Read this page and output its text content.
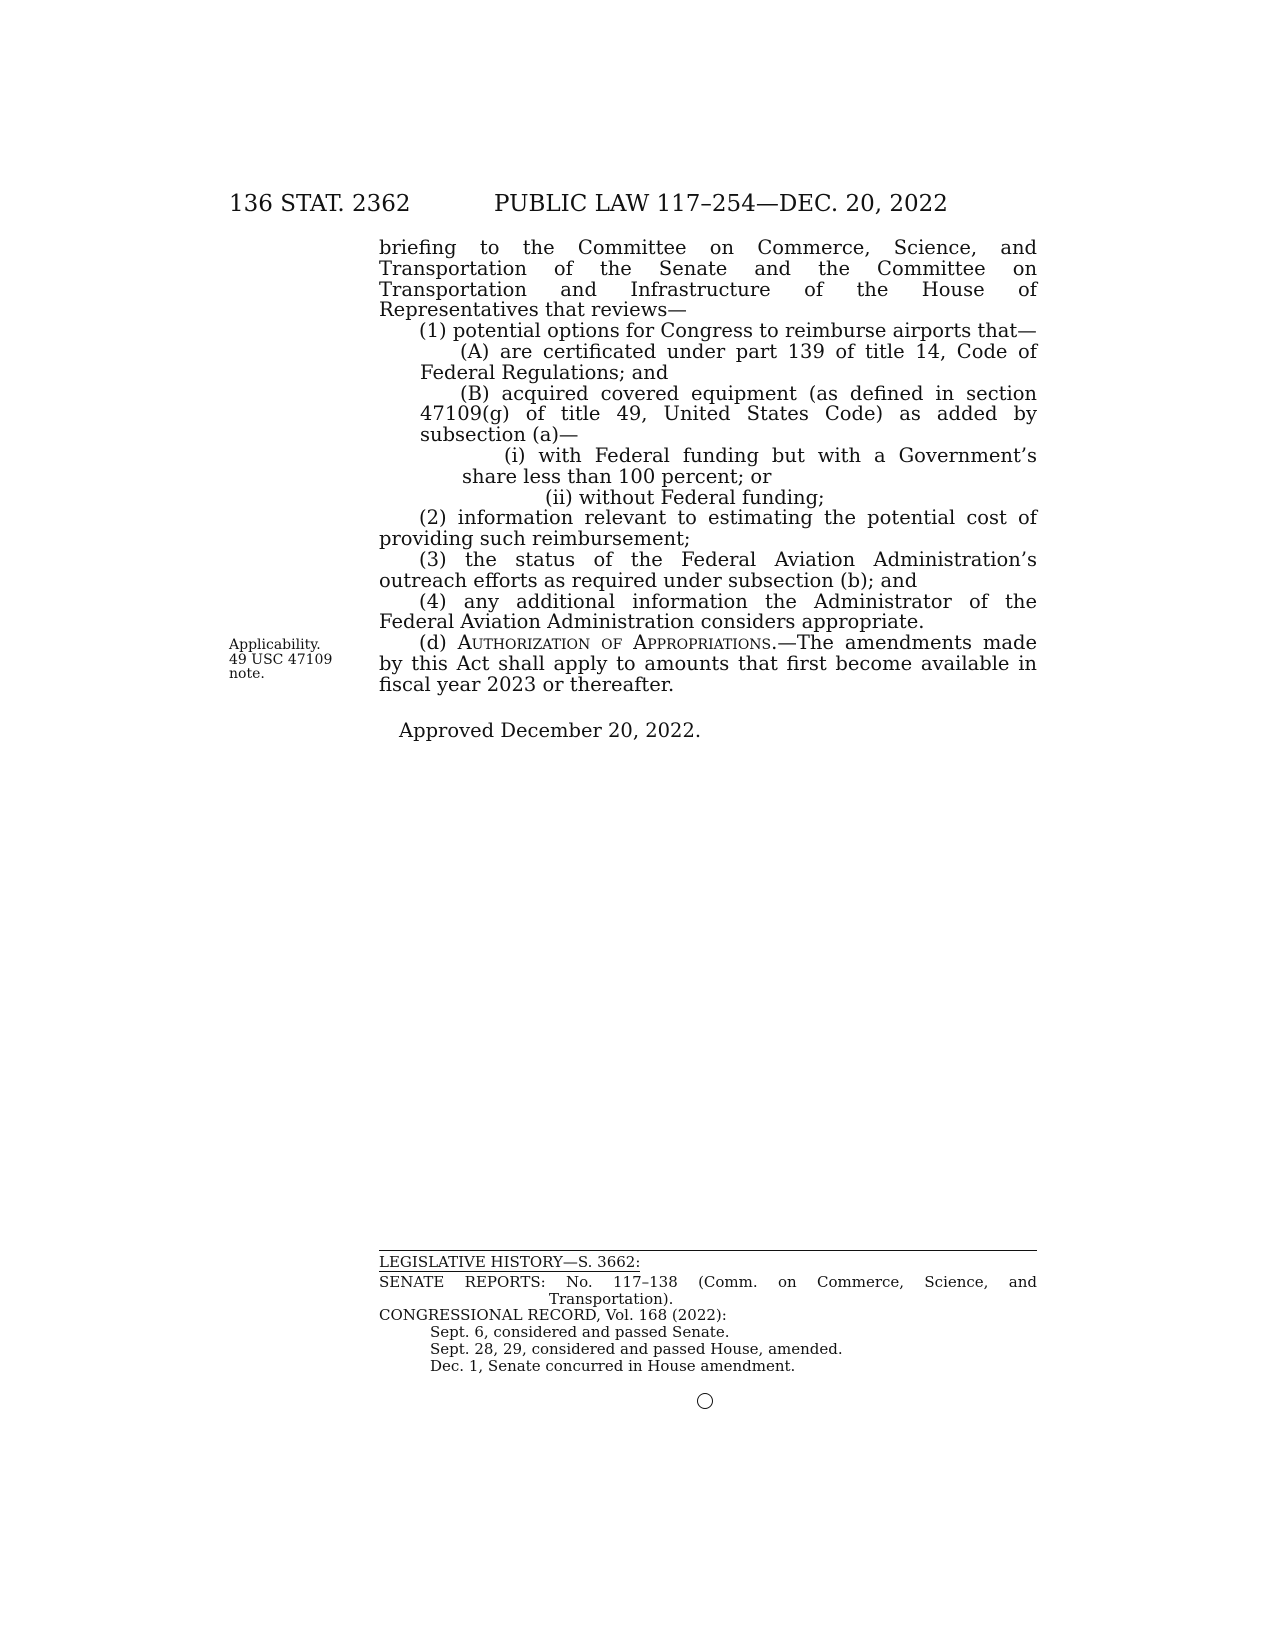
136 STAT. 2362	PUBLIC LAW 117–254—DEC. 20, 2022

briefing to the Committee on Commerce, Science, and Transportation of the Senate and the Committee on Transportation and Infrastructure of the House of Representatives that reviews—

(1) potential options for Congress to reimburse airports that—

(A) are certificated under part 139 of title 14, Code of Federal Regulations; and

(B) acquired covered equipment (as defined in section 47109(g) of title 49, United States Code) as added by subsection (a)—

(i) with Federal funding but with a Government’s share less than 100 percent; or

(ii) without Federal funding;

(2) information relevant to estimating the potential cost of providing such reimbursement;

(3) the status of the Federal Aviation Administration’s outreach efforts as required under subsection (b); and

(4) any additional information the Administrator of the Federal Aviation Administration considers appropriate.

(d) Authorization of Appropriations.—The amendments made by this Act shall apply to amounts that first become available in fiscal year 2023 or thereafter.

Applicability.
49 USC 47109
note.
Approved December 20, 2022.
LEGISLATIVE HISTORY—S. 3662:
SENATE REPORTS: No. 117–138 (Comm. on Commerce, Science, and Transportation).
CONGRESSIONAL RECORD, Vol. 168 (2022):
Sept. 6, considered and passed Senate.
Sept. 28, 29, considered and passed House, amended.
Dec. 1, Senate concurred in House amendment.
